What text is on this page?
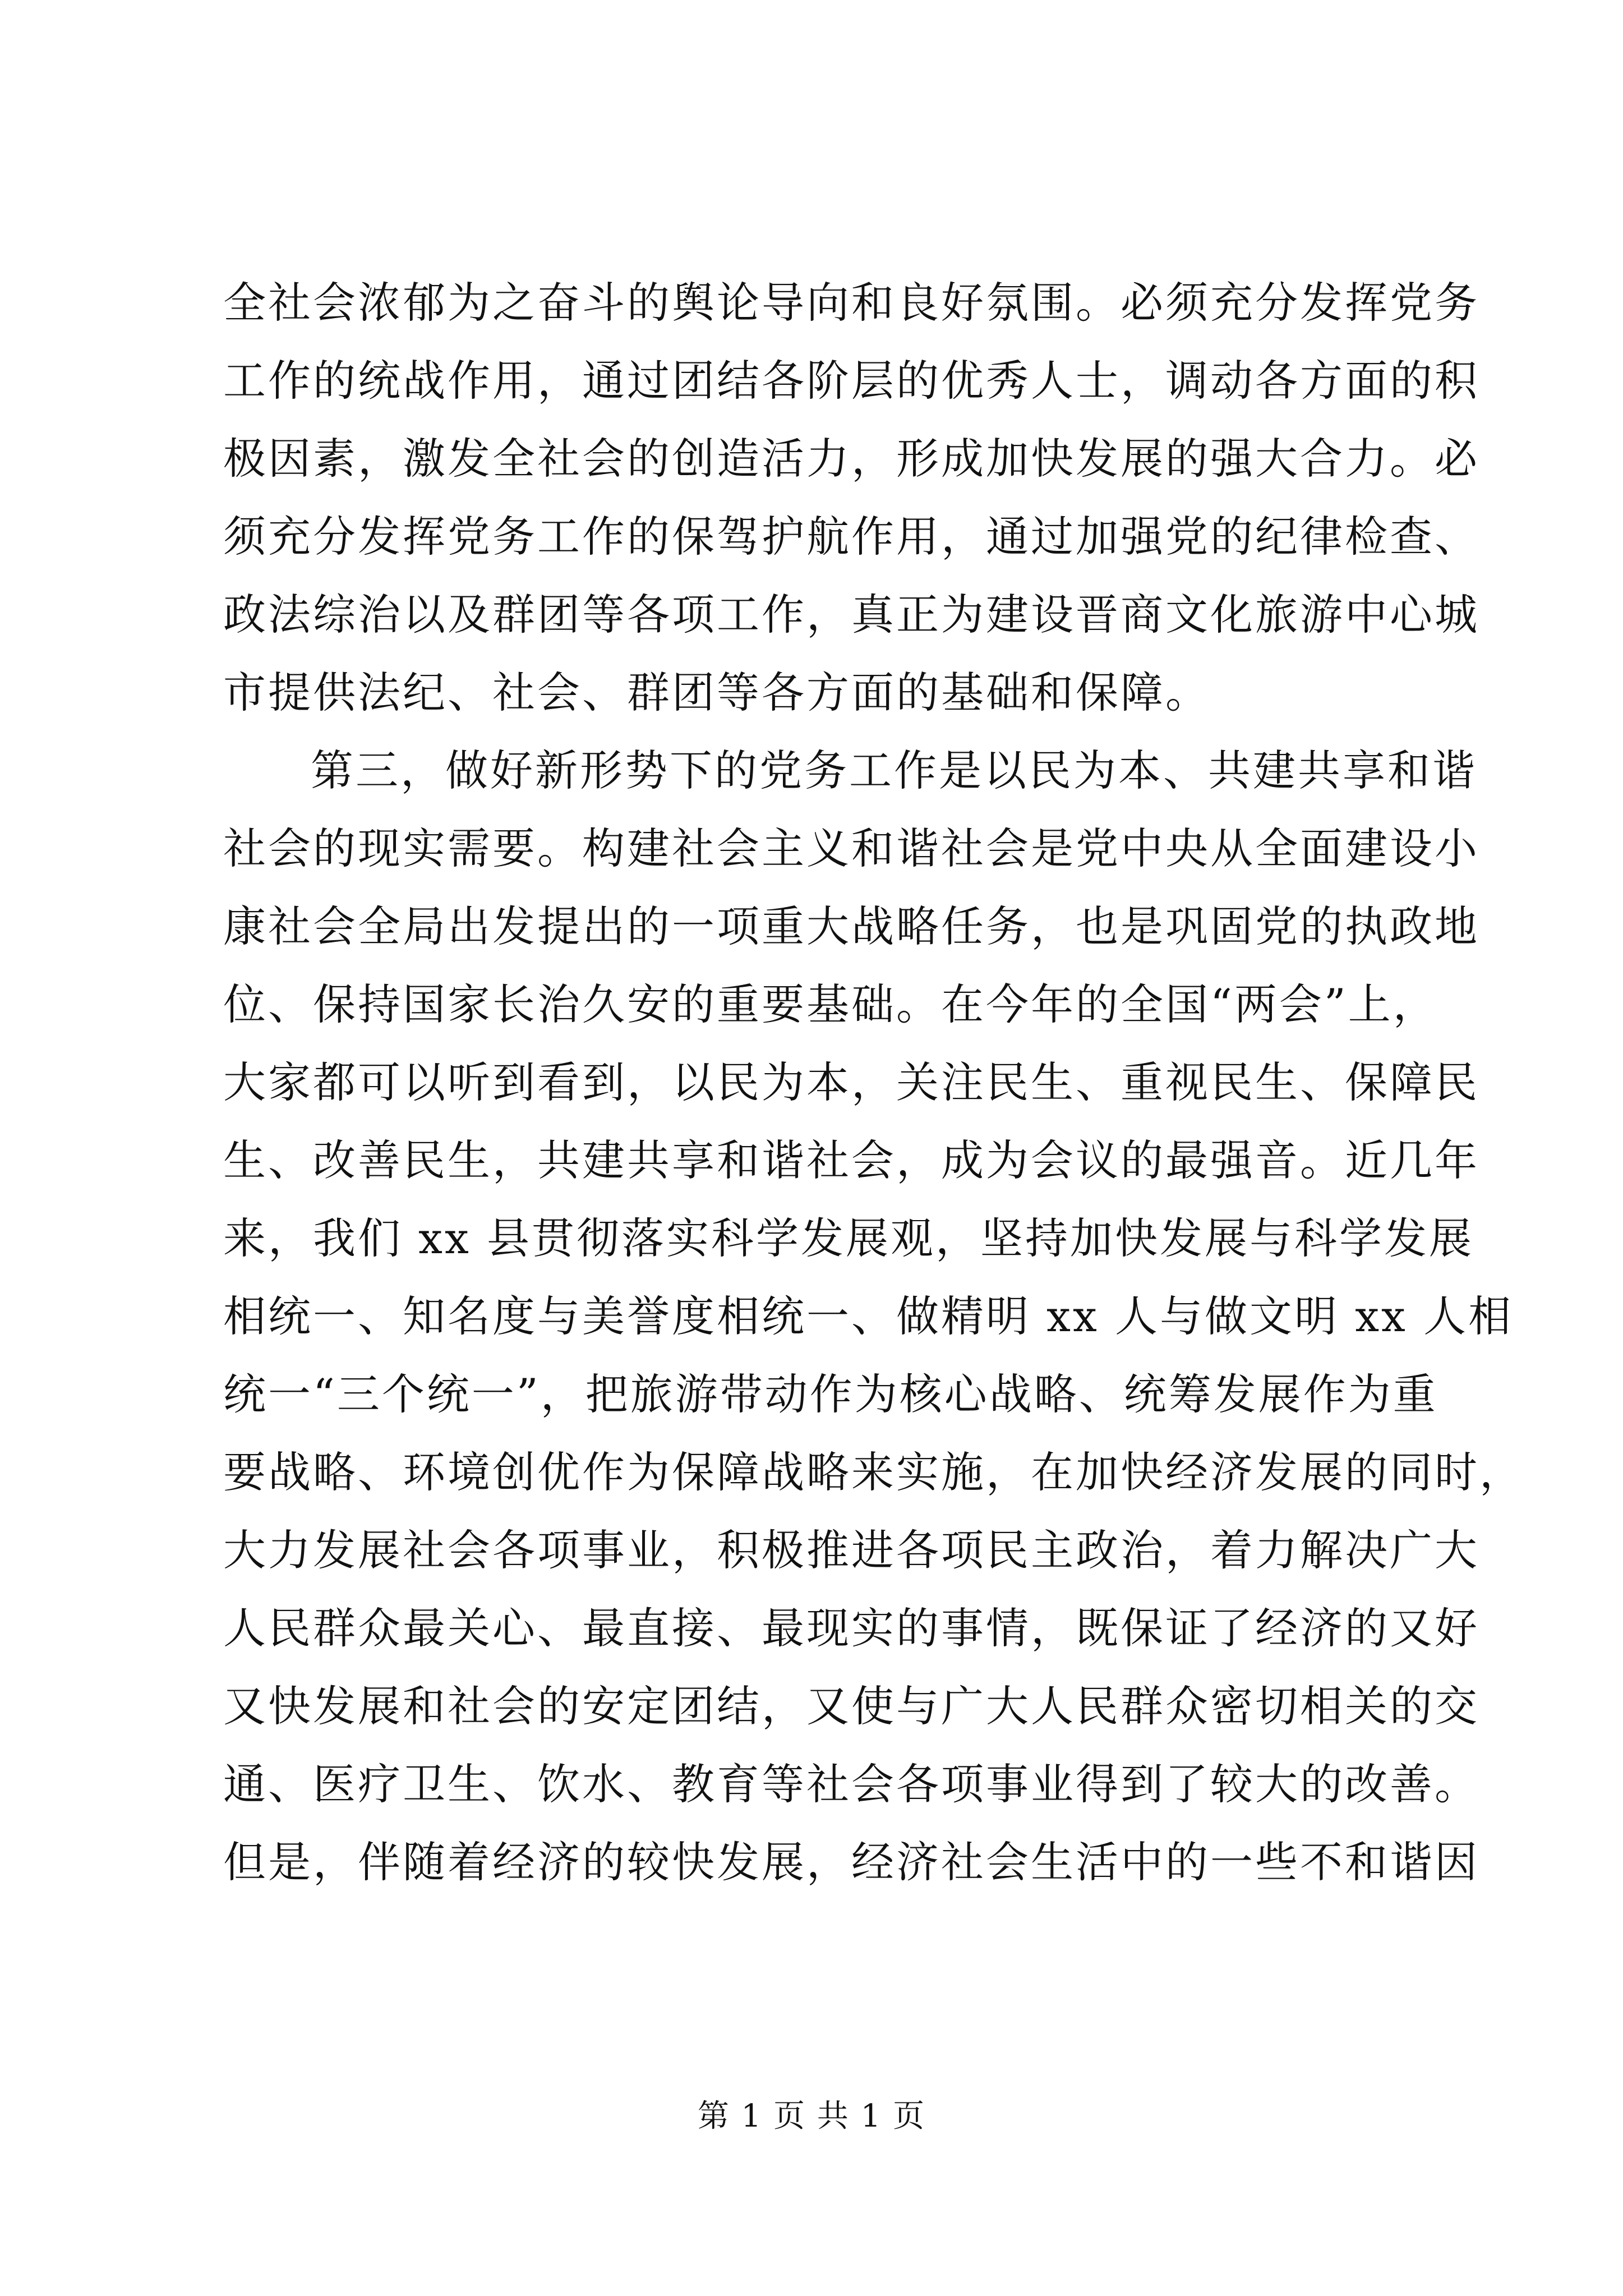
全社会浓郁为之奋斗的舆论导向和良好氛围。必须充分发挥党务
工作的统战作用，通过团结各阶层的优秀人士，调动各方面的积
极因素，激发全社会的创造活力，形成加快发展的强大合力。必
须充分发挥党务工作的保驾护航作用，通过加强党的纪律检查、
政法综治以及群团等各项工作，真正为建设晋商文化旅游中心城
市提供法纪、社会、群团等各方面的基础和保障。
第三，做好新形势下的党务工作是以民为本、共建共享和谐
社会的现实需要。构建社会主义和谐社会是党中央从全面建设小
康社会全局出发提出的一项重大战略任务，也是巩固党的执政地
位、保持国家长治久安的重要基础。在今年的全国“两会”上，
大家都可以听到看到，以民为本，关注民生、重视民生、保障民
生、改善民生，共建共享和谐社会，成为会议的最强音。近几年
来，我们 xx 县贯彻落实科学发展观，坚持加快发展与科学发展
相统一、知名度与美誉度相统一、做精明 xx 人与做文明 xx 人相
统一“三个统一”，把旅游带动作为核心战略、统筹发展作为重
要战略、环境创优作为保障战略来实施，在加快经济发展的同时，
大力发展社会各项事业，积极推进各项民主政治，着力解决广大
人民群众最关心、最直接、最现实的事情，既保证了经济的又好
又快发展和社会的安定团结，又使与广大人民群众密切相关的交
通、医疗卫生、饮水、教育等社会各项事业得到了较大的改善。
但是，伴随着经济的较快发展，经济社会生活中的一些不和谐因
第 1 页 共 1 页
